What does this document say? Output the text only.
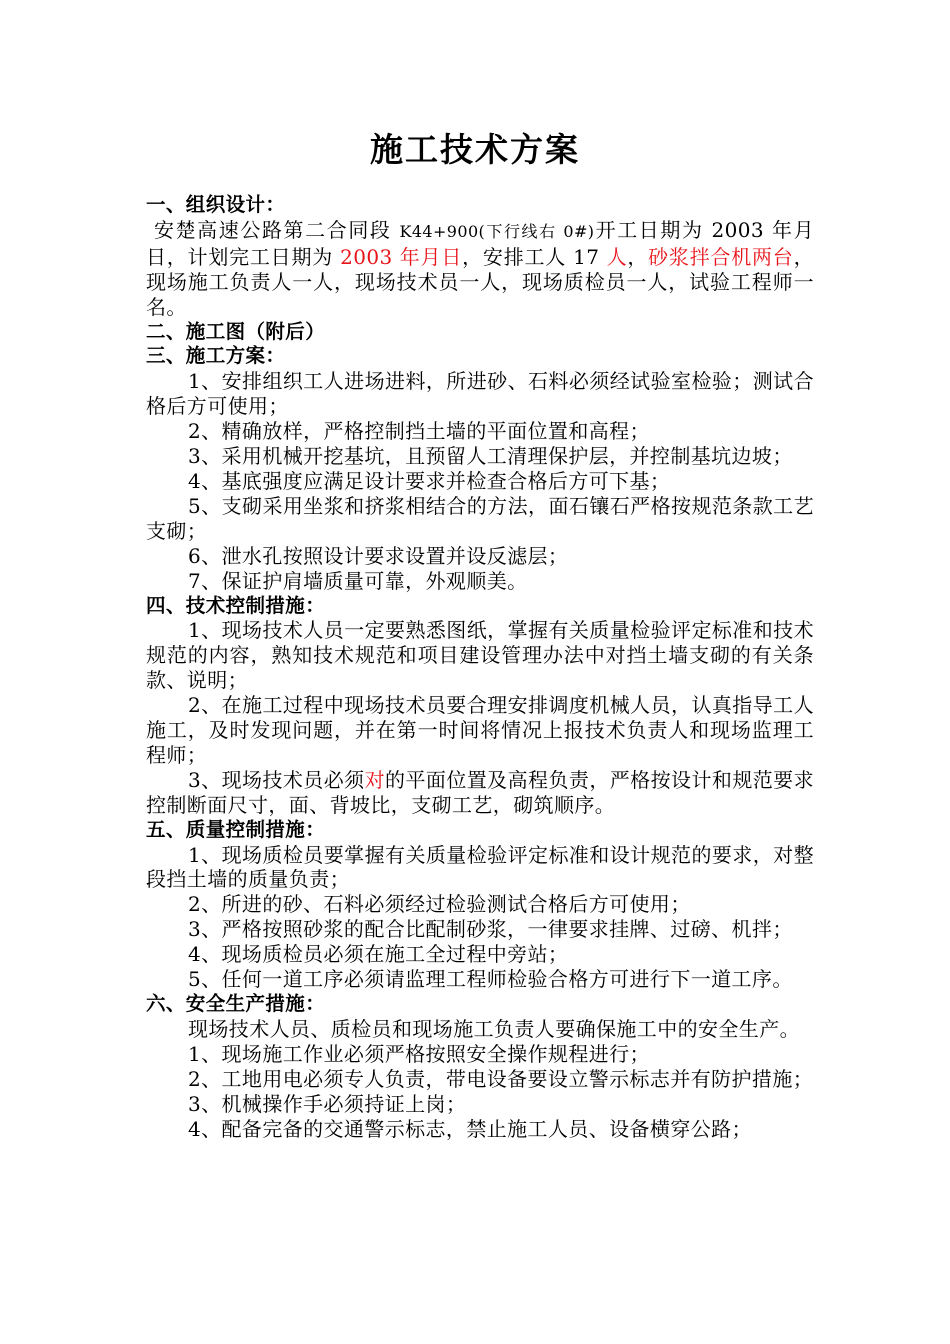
施工技术方案
一、组织设计：
安楚高速公路第二合同段 K44+900(下行线右 0#)开工日期为 2003 年月日，计划完工日期为 2003 年月日，安排工人 17 人，砂浆拌合机两台，现场施工负责人一人，现场技术员一人，现场质检员一人，试验工程师一名。
二、施工图（附后）
三、施工方案：
1、安排组织工人进场进料，所进砂、石料必须经试验室检验；测试合格后方可使用；
2、精确放样，严格控制挡土墙的平面位置和高程；
3、采用机械开挖基坑，且预留人工清理保护层，并控制基坑边坡；
4、基底强度应满足设计要求并检查合格后方可下基；
5、支砌采用坐浆和挤浆相结合的方法，面石镶石严格按规范条款工艺支砌；
6、泄水孔按照设计要求设置并设反滤层；
7、保证护肩墙质量可靠，外观顺美。
四、技术控制措施：
1、现场技术人员一定要熟悉图纸，掌握有关质量检验评定标准和技术规范的内容，熟知技术规范和项目建设管理办法中对挡土墙支砌的有关条款、说明；
2、在施工过程中现场技术员要合理安排调度机械人员，认真指导工人施工，及时发现问题，并在第一时间将情况上报技术负责人和现场监理工程师；
3、现场技术员必须对的平面位置及高程负责，严格按设计和规范要求控制断面尺寸，面、背坡比，支砌工艺，砌筑顺序。
五、质量控制措施：
1、现场质检员要掌握有关质量检验评定标准和设计规范的要求，对整段挡土墙的质量负责；
2、所进的砂、石料必须经过检验测试合格后方可使用；
3、严格按照砂浆的配合比配制砂浆，一律要求挂牌、过磅、机拌；
4、现场质检员必须在施工全过程中旁站；
5、任何一道工序必须请监理工程师检验合格方可进行下一道工序。
六、安全生产措施：
现场技术人员、质检员和现场施工负责人要确保施工中的安全生产。
1、现场施工作业必须严格按照安全操作规程进行；
2、工地用电必须专人负责，带电设备要设立警示标志并有防护措施；
3、机械操作手必须持证上岗；
4、配备完备的交通警示标志，禁止施工人员、设备横穿公路；
